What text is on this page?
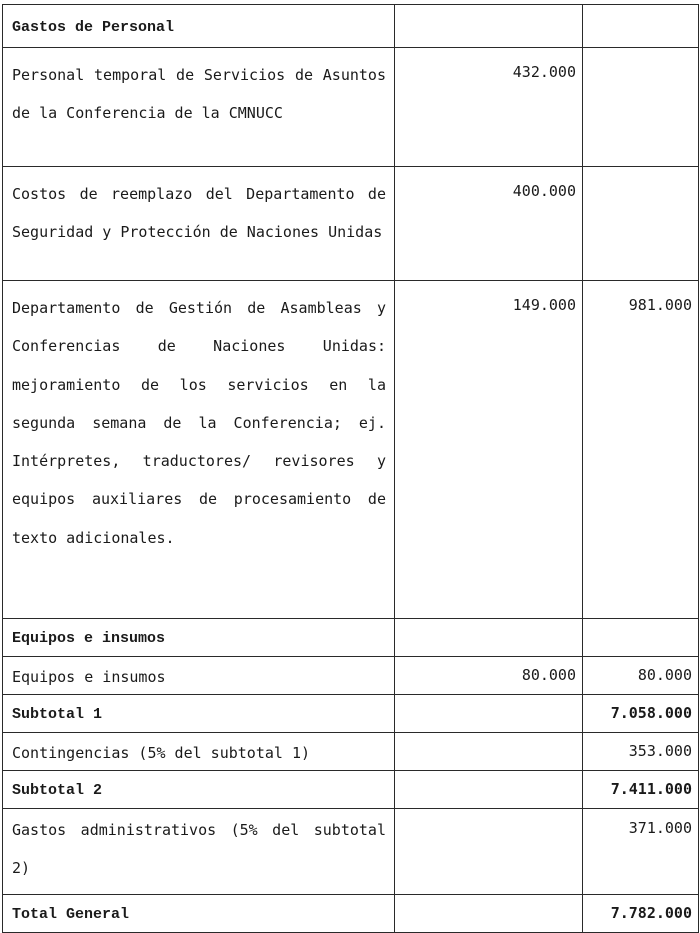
Gastos de Personal		

Personal temporal de Servicios de Asuntos de la Conferencia de la CMNUCC	432.000	

Costos de reemplazo del Departamento de Seguridad y Protección de Naciones Unidas	400.000	

Departamento de Gestión de Asambleas y Conferencias de Naciones Unidas: mejoramiento de los servicios en la segunda semana de la Conferencia; ej. Intérpretes, traductores/ revisores y equipos auxiliares de procesamiento de texto adicionales.	149.000	981.000

Equipos e insumos		

Equipos e insumos	80.000	80.000

Subtotal 1		7.058.000

Contingencias (5% del subtotal 1)		353.000

Subtotal 2		7.411.000

Gastos administrativos (5% del subtotal 2)		371.000

Total General		7.782.000
